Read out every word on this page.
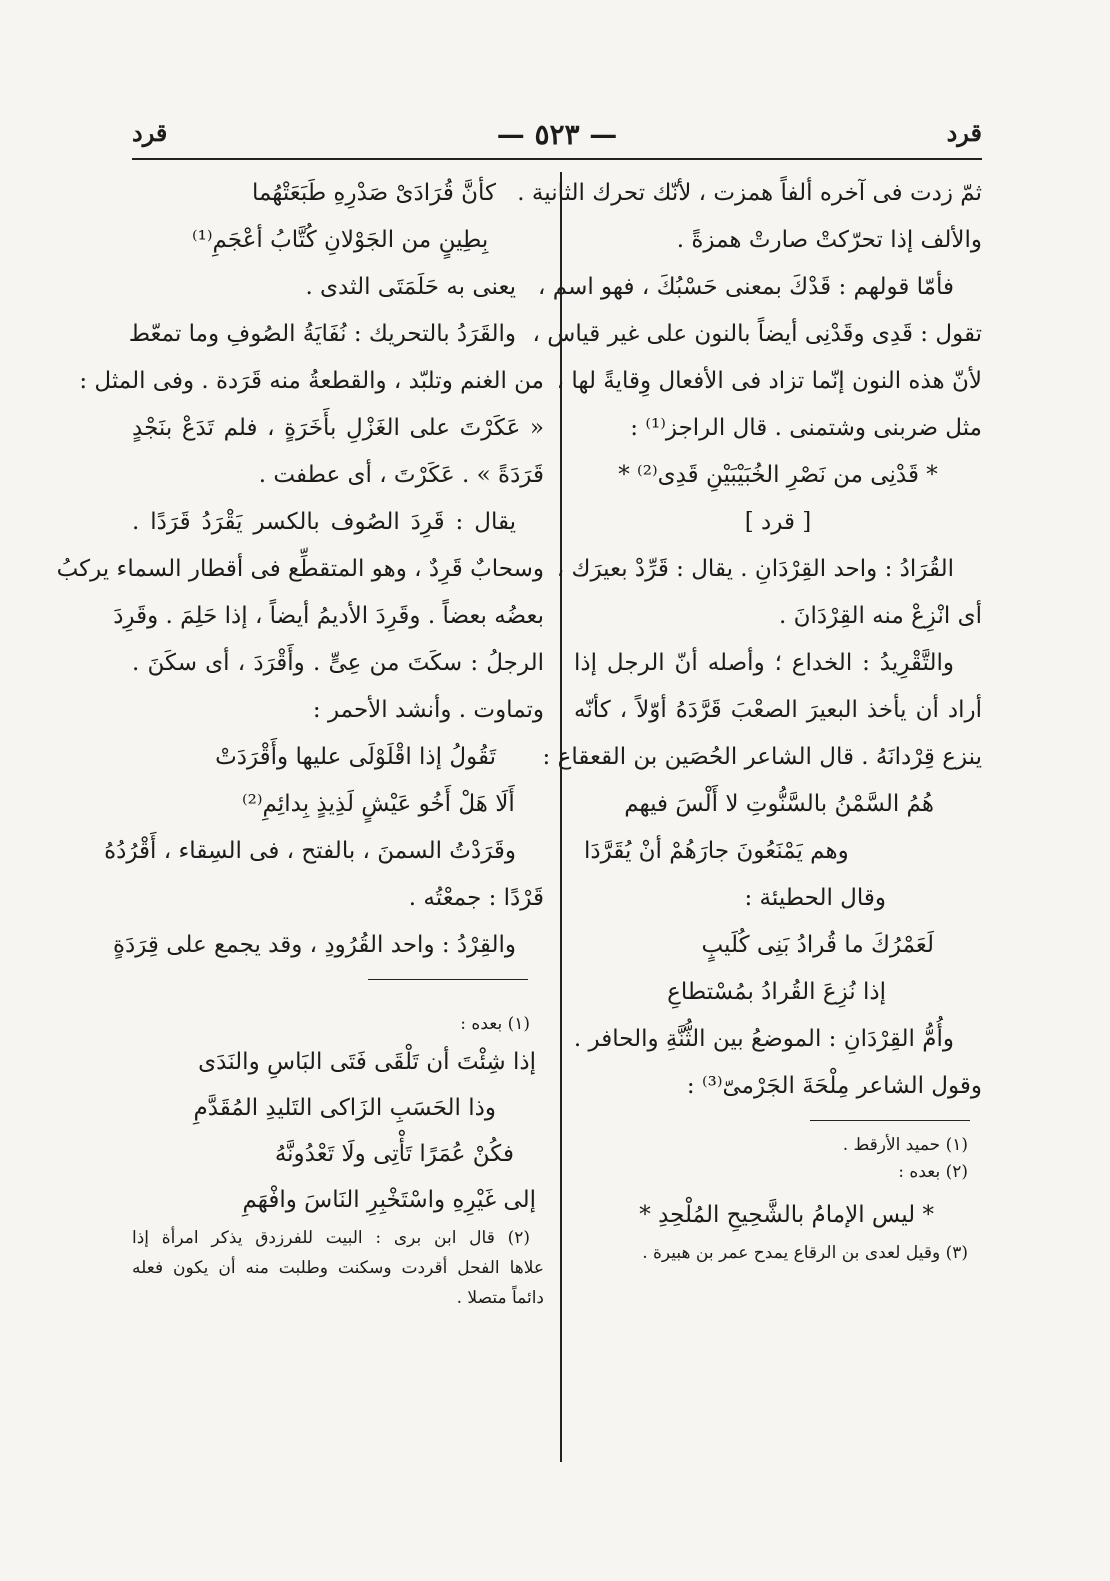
قرد
— ٥٢٣ —
قرد
ثمّ زدت فى آخره ألفاً همزت ، لأنّك تحرك الثانية .
والألف إذا تحرّكتْ صارتْ همزةً .
فأمّا قولهم : قَدْكَ بمعنى حَسْبُكَ ، فهو اسم ،
تقول : قَدِى وقَدْنِى أيضاً بالنون على غير قياس ،
لأنّ هذه النون إنّما تزاد فى الأفعال وِقايةً لها ،
مثل ضربنى وشتمنى . قال الراجز⁽¹⁾ :
* قَدْنِى من نَصْرِ الخُبَيْبَيْنِ قَدِى⁽²⁾ *
[ قرد ]
القُرَادُ : واحد القِرْدَانِ . يقال : قَرِّدْ بعيرَك ،
أى انْزِعْ منه القِرْدَانَ .
والتَّقْرِيدُ : الخداع ؛ وأصله أنّ الرجل إذا
أراد أن يأخذ البعيرَ الصعْبَ قَرَّدَهُ أوّلاً ، كأنّه
ينزع قِرْدانَهُ . قال الشاعر الحُصَين بن القعقاع :
هُمُ السَّمْنُ بالسَّنُّوتِ لا أَلْسَ فيهم
وهم يَمْنَعُونَ جارَهُمْ أنْ يُقَرَّدَا
وقال الحطيئة :
لَعَمْرُكَ ما قُرادُ بَنِى كُلَيبٍ
إذا نُزِعَ القُرادُ بمُسْتطاعِ
وأُمُّ القِرْدَانِ : الموضعُ بين الثُّنَّةِ والحافر .
وقول الشاعر مِلْحَةَ الجَرْمىّ⁽³⁾ :
(١) حميد الأرقط .
(٢) بعده :
* ليس الإمامُ بالشَّحِيحِ المُلْحِدِ *
(٣) وقيل لعدى بن الرقاع يمدح عمر بن هبيرة .
كأنَّ قُرَادَىْ صَدْرِهِ طَبَعَتْهُما
بِطِينٍ من الجَوْلانِ كُتَّابُ أعْجَمِ⁽¹⁾
يعنى به حَلَمَتَى الثدى .
والقَرَدُ بالتحريك : نُفَايَةُ الصُوفِ وما تمعّط
من الغنم وتلبّد ، والقطعةُ منه قَرَدة . وفى المثل :
« عَكَرْتَ على الغَزْلِ بأَخَرَةٍ ، فلم تَدَعْ بنَجْدٍ
قَرَدَةً » . عَكَرْتَ ، أى عطفت .
يقال : قَرِدَ الصُوف بالكسر يَقْرَدُ قَرَدًا .
وسحابٌ قَرِدٌ ، وهو المتقطِّع فى أقطار السماء يركبُ
بعضُه بعضاً . وقَرِدَ الأديمُ أيضاً ، إذا حَلِمَ . وقَرِدَ
الرجلُ : سكَتَ من عِىٍّ . وأَقْرَدَ ، أى سكَنَ .
وتماوت . وأنشد الأحمر :
تَقُولُ إذا اقْلَوْلَى عليها وأَقْرَدَتْ
أَلَا هَلْ أَخُو عَيْشٍ لَذِيذٍ بِدائِمِ⁽²⁾
وقَرَدْتُ السمنَ ، بالفتح ، فى السِقاء ، أَقْرُدُهُ
قَرْدًا : جمعْتُه .
والقِرْدُ : واحد القُرُودِ ، وقد يجمع على قِرَدَةٍ
(١) بعده :
إذا شِئْتَ أن تَلْقَى فَتَى البَاسِ والنَدَى
وذا الحَسَبِ الزَاكى التَليدِ المُقَدَّمِ
فكُنْ عُمَرًا تَأْتِى ولَا تَعْدُونَّهُ
إلى غَيْرِهِ واسْتَخْبِرِ النَاسَ وافْهَمِ
(٢) قال ابن برى : البيت للفرزدق يذكر امرأة إذا
علاها الفحل أقردت وسكنت وطلبت منه أن يكون فعله
دائماً متصلا .
